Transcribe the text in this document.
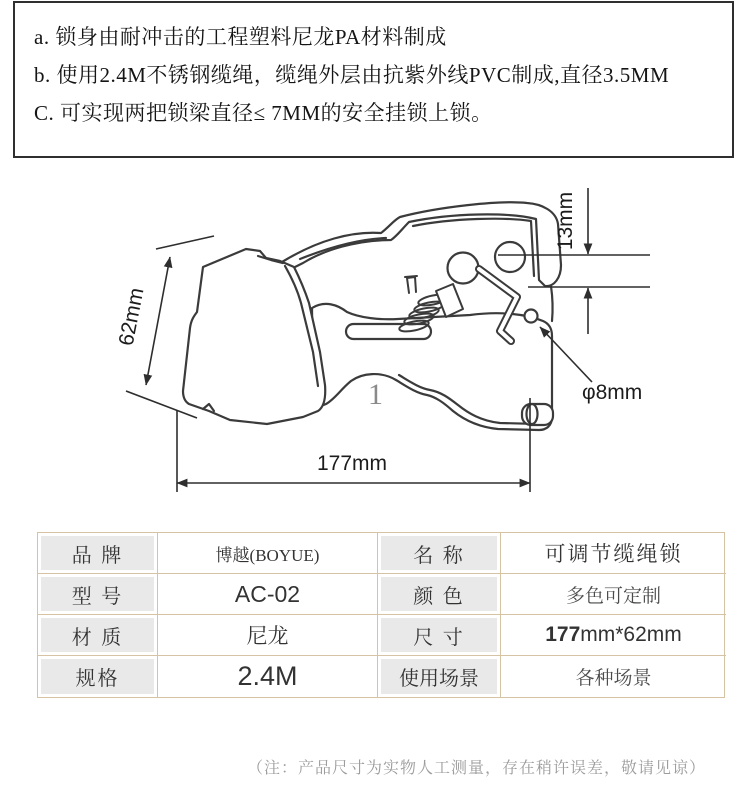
a. 锁身由耐冲击的工程塑料尼龙PA材料制成
b. 使用2.4M不锈钢缆绳，缆绳外层由抗紫外线PVC制成,直径3.5MM
C. 可实现两把锁梁直径≤ 7MM的安全挂锁上锁。
1
62mm
13mm
177mm
φ8mm
品 牌	博越(BOYUE)	名 称	可调节缆绳锁
型 号	AC-02	颜 色	多色可定制
材 质	尼龙	尺 寸	177mm*62mm
规格	2.4M	使用场景	各种场景
（注：产品尺寸为实物人工测量，存在稍许误差，敬请见谅）
